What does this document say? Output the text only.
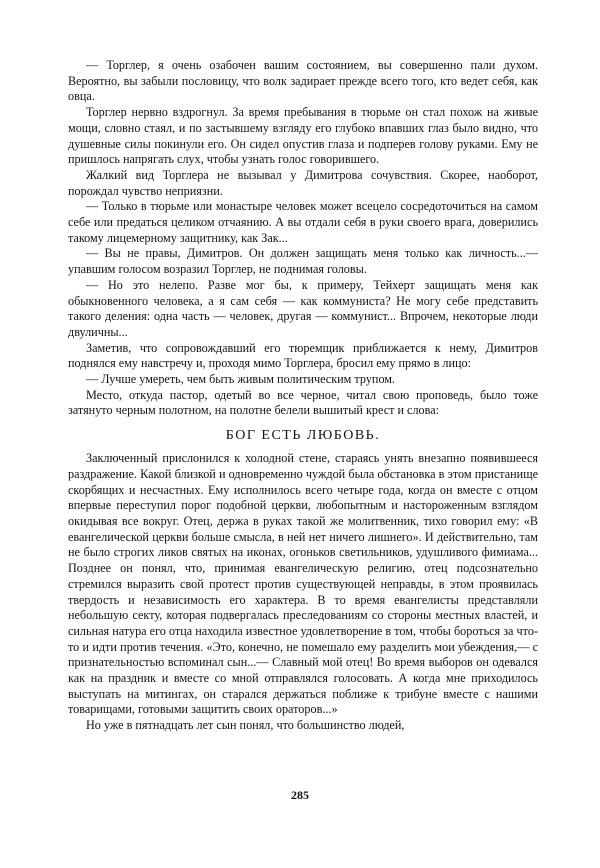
— Торглер, я очень озабочен вашим состоянием, вы совершенно пали духом. Вероятно, вы забыли пословицу, что волк задирает прежде всего того, кто ведет себя, как овца.

Торглер нервно вздрогнул. За время пребывания в тюрьме он стал похож на живые мощи, словно стаял, и по застывшему взгляду его глубоко впавших глаз было видно, что душевные силы покинули его. Он сидел опустив глаза и подперев голову руками. Ему не пришлось напрягать слух, чтобы узнать голос говорившего.

Жалкий вид Торглера не вызывал у Димитрова сочувствия. Скорее, наоборот, порождал чувство неприязни.

— Только в тюрьме или монастыре человек может всецело сосредоточиться на самом себе или предаться целиком отчаянию. А вы отдали себя в руки своего врага, доверились такому лицемерному защитнику, как Зак...

— Вы не правы, Димитров. Он должен защищать меня только как личность...— упавшим голосом возразил Торглер, не поднимая головы.

— Но это нелепо. Разве мог бы, к примеру, Тейхерт защищать меня как обыкновенного человека, а я сам себя — как коммуниста? Не могу себе представить такого деления: одна часть — человек, другая — коммунист... Впрочем, некоторые люди двуличны...

Заметив, что сопровождавший его тюремщик приближается к нему, Димитров поднялся ему навстречу и, проходя мимо Торглера, бросил ему прямо в лицо:

— Лучше умереть, чем быть живым политическим трупом.

Место, откуда пастор, одетый во все черное, читал свою проповедь, было тоже затянуто черным полотном, на полотне белели вышитый крест и слова:

БОГ ЕСТЬ ЛЮБОВЬ.

Заключенный прислонился к холодной стене, стараясь унять внезапно появившееся раздражение. Какой близкой и одновременно чуждой была обстановка в этом пристанище скорбящих и несчастных. Ему исполнилось всего четыре года, когда он вместе с отцом впервые переступил порог подобной церкви, любопытным и настороженным взглядом окидывая все вокруг. Отец, держа в руках такой же молитвенник, тихо говорил ему: «В евангелической церкви больше смысла, в ней нет ничего лишнего». И действительно, там не было строгих ликов святых на иконах, огоньков светильников, удушливого фимиама... Позднее он понял, что, принимая евангелическую религию, отец подсознательно стремился выразить свой протест против существующей неправды, в этом проявилась твердость и независимость его характера. В то время евангелисты представляли небольшую секту, которая подвергалась преследованиям со стороны местных властей, и сильная натура его отца находила известное удовлетворение в том, чтобы бороться за что-то и идти против течения. «Это, конечно, не помешало ему разделить мои убеждения,— с признательностью вспоминал сын...— Славный мой отец! Во время выборов он одевался как на праздник и вместе со мной отправлялся голосовать. А когда мне приходилось выступать на митингах, он старался держаться поближе к трибуне вместе с нашими товарищами, готовыми защитить своих ораторов...»

Но уже в пятнадцать лет сын понял, что большинство людей,

285
